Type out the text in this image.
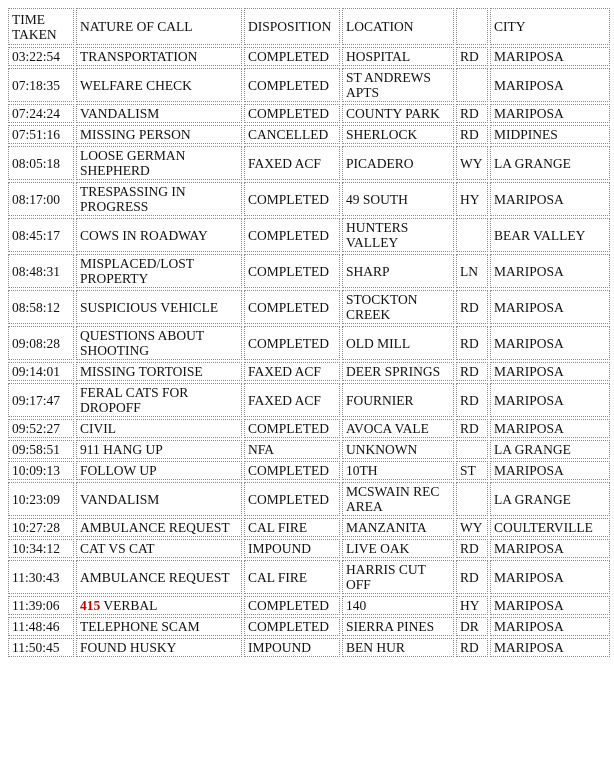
TIME TAKEN	NATURE OF CALL	DISPOSITION	LOCATION		CITY
03:22:54	TRANSPORTATION	COMPLETED	HOSPITAL	RD	MARIPOSA
07:18:35	WELFARE CHECK	COMPLETED	ST ANDREWS APTS		MARIPOSA
07:24:24	VANDALISM	COMPLETED	COUNTY PARK	RD	MARIPOSA
07:51:16	MISSING PERSON	CANCELLED	SHERLOCK	RD	MIDPINES
08:05:18	LOOSE GERMAN SHEPHERD	FAXED ACF	PICADERO	WY	LA GRANGE
08:17:00	TRESPASSING IN PROGRESS	COMPLETED	49 SOUTH	HY	MARIPOSA
08:45:17	COWS IN ROADWAY	COMPLETED	HUNTERS VALLEY		BEAR VALLEY
08:48:31	MISPLACED/LOST PROPERTY	COMPLETED	SHARP	LN	MARIPOSA
08:58:12	SUSPICIOUS VEHICLE	COMPLETED	STOCKTON CREEK	RD	MARIPOSA
09:08:28	QUESTIONS ABOUT SHOOTING	COMPLETED	OLD MILL	RD	MARIPOSA
09:14:01	MISSING TORTOISE	FAXED ACF	DEER SPRINGS	RD	MARIPOSA
09:17:47	FERAL CATS FOR DROPOFF	FAXED ACF	FOURNIER	RD	MARIPOSA
09:52:27	CIVIL	COMPLETED	AVOCA VALE	RD	MARIPOSA
09:58:51	911 HANG UP	NFA	UNKNOWN		LA GRANGE
10:09:13	FOLLOW UP	COMPLETED	10TH	ST	MARIPOSA
10:23:09	VANDALISM	COMPLETED	MCSWAIN REC AREA		LA GRANGE
10:27:28	AMBULANCE REQUEST	CAL FIRE	MANZANITA	WY	COULTERVILLE
10:34:12	CAT VS CAT	IMPOUND	LIVE OAK	RD	MARIPOSA
11:30:43	AMBULANCE REQUEST	CAL FIRE	HARRIS CUT OFF	RD	MARIPOSA
11:39:06	415 VERBAL	COMPLETED	140	HY	MARIPOSA
11:48:46	TELEPHONE SCAM	COMPLETED	SIERRA PINES	DR	MARIPOSA
11:50:45	FOUND HUSKY	IMPOUND	BEN HUR	RD	MARIPOSA
